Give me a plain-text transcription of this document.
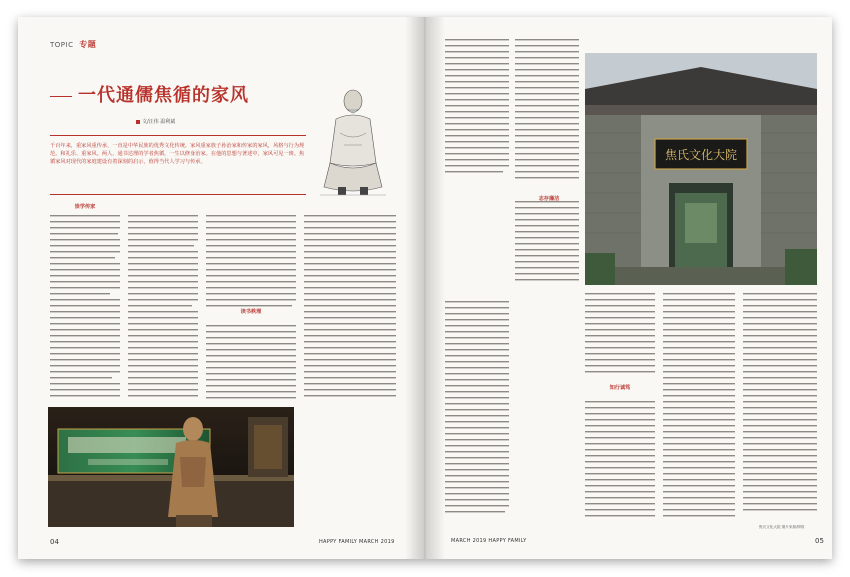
TOPIC 专题
一代通儒焦循的家风
文/汪伟 温利斌
千百年来，重家风重传承，一直是中华民族的优秀文化传统。家风重家族子孙治家和传家的家风，风格与行为规范。和礼乐、重家风。两人，通书达理的学者焦循，一生以修身治家。在他的思想与著述中，家风可见一斑。焦循家风对现代的家庭建设有着深刻的启示，值得当代人学习与传承。
崇学传家
读书秩理
04	HAPPY FAMILY MARCH 2019
志存廉洁
焦氏文化大院
知行诚笃
焦氏文化大院 图片来源/网络
MARCH 2019 HAPPY FAMILY	05
